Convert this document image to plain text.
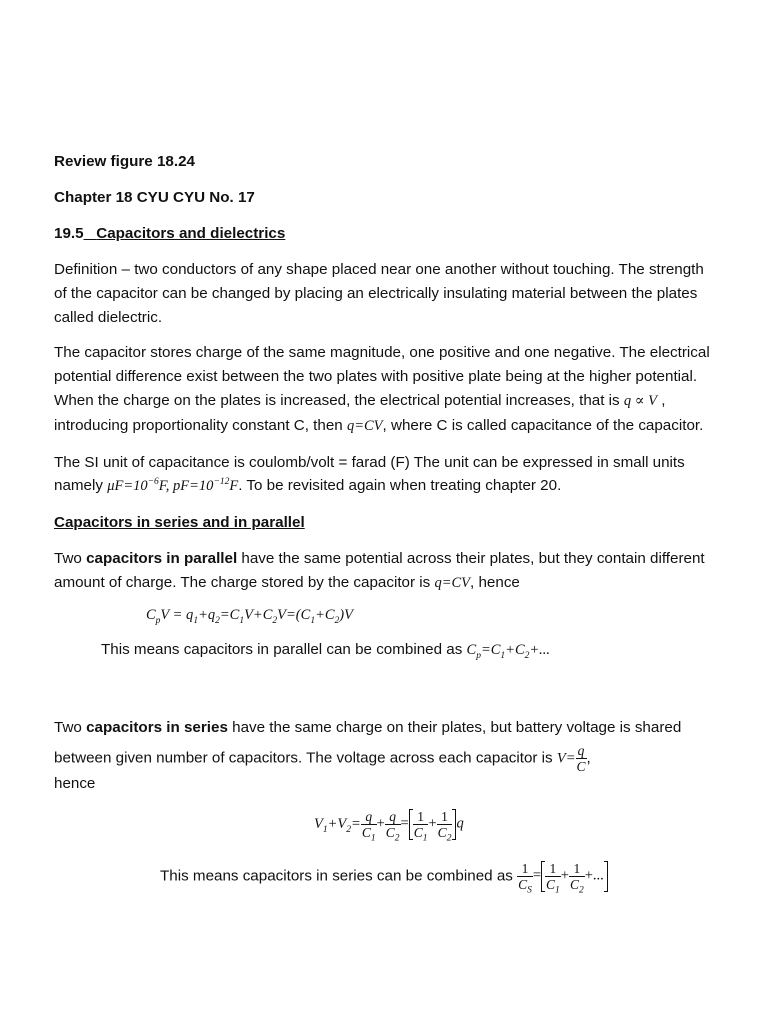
Review figure 18.24

Chapter 18 CYU CYU No. 17

19.5_ Capacitors and dielectrics

Definition – two conductors of any shape placed near one another without touching. The strength of the capacitor can be changed by placing an electrically insulating material between the plates called dielectric.

The capacitor stores charge of the same magnitude, one positive and one negative. The electrical potential difference exist between the two plates with positive plate being at the higher potential. When the charge on the plates is increased, the electrical potential increases, that is q ∝ V , introducing proportionality constant C, then q=CV, where C is called capacitance of the capacitor.

The SI unit of capacitance is coulomb/volt = farad (F) The unit can be expressed in small units namely $\mu F=10^{-6}F$, $pF=10^{-12}F$. To be revisited again when treating chapter 20.

Capacitors in series and in parallel

Two capacitors in parallel have the same potential across their plates, but they contain different amount of charge. The charge stored by the capacitor is q=CV, hence

$C_pV = q_1+q_2=C_1V+C_2V=(C_1+C_2)V$

This means capacitors in parallel can be combined as $C_p=C_1+C_2+$...

Two capacitors in series have the same charge on their plates, but battery voltage is shared between given number of capacitors. The voltage across each capacitor is $V= \frac{q}{C}$ ,

hence

$V_1+V_2= \frac{q}{C_1} + \frac{q}{C_2} = \frac{1}{C_1} + \frac{1}{C_2}$ q

This means capacitors in series can be combined as $\frac{1}{C_S} = \frac{1}{C_1} + \frac{1}{C_2}$ +...
